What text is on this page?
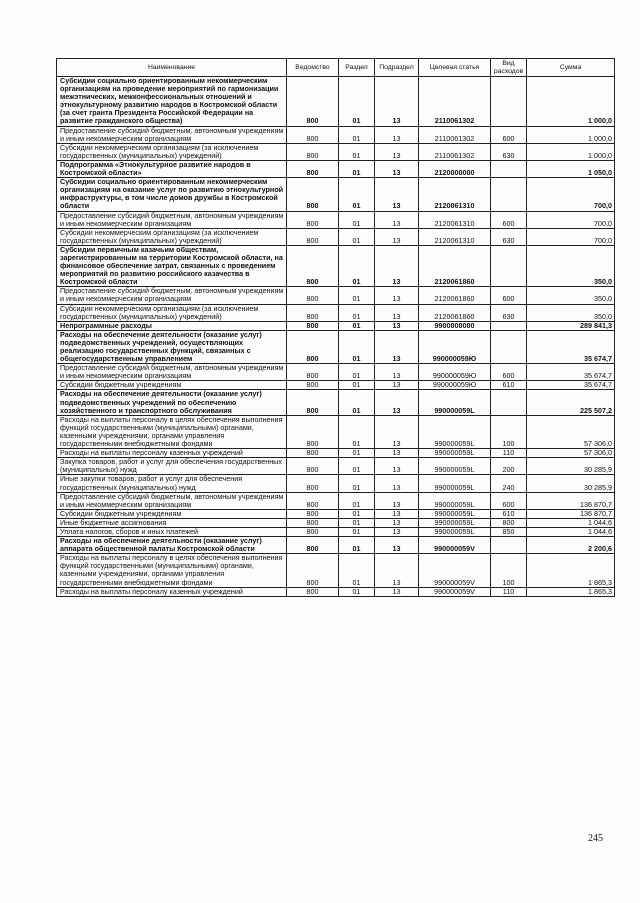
Наименование	Ведомство	Раздел	Подраздел	Целевая статья	Вид расходов	Сумма
Субсидии социально ориентированным некоммерческим организациям на проведение мероприятий по гармонизации межэтнических, межконфессиональных отношений и этнокультурному развитию народов в Костромской области (за счет гранта Президента Российской Федерации на развитие гражданского общества)	800	01	13	2110061302		1 000,0
Предоставление субсидий бюджетным, автономным учреждениям и иным некоммерческим организациям	800	01	13	2110061302	600	1 000,0
Субсидии некоммерческим организациям (за исключением государственных (муниципальных) учреждений)	800	01	13	2110061302	630	1 000,0
Подпрограмма «Этнокультурное развитие народов в Костромской области»	800	01	13	2120000000		1 050,0
Субсидии социально ориентированным некоммерческим организациям на оказание услуг по развитию этнокультурной инфраструктуры, в том числе домов дружбы в Костромской области	800	01	13	2120061310		700,0
Предоставление субсидий бюджетным, автономным учреждениям и иным некоммерческим организациям	800	01	13	2120061310	600	700,0
Субсидии некоммерческим организациям (за исключением государственных (муниципальных) учреждений)	800	01	13	2120061310	630	700,0
Субсидии первичным казачьим обществам, зарегистрированным на территории Костромской области, на финансовое обеспечение затрат, связанных с проведением мероприятий по развитию российского казачества в Костромской области	800	01	13	2120061860		350,0
Предоставление субсидий бюджетным, автономным учреждениям и иным некоммерческим организациям	800	01	13	2120061860	600	350,0
Субсидии некоммерческим организациям (за исключением государственных (муниципальных) учреждений)	800	01	13	2120061860	630	350,0
Непрограммные расходы	800	01	13	9900000000		289 841,3
Расходы на обеспечение деятельности (оказание услуг) подведомственных учреждений, осуществляющих реализацию государственных функций, связанных с общегосударственным управлением	800	01	13	990000059Ю		35 674,7
Предоставление субсидий бюджетным, автономным учреждениям и иным некоммерческим организациям	800	01	13	990000059Ю	600	35 674,7
Субсидии бюджетным учреждениям	800	01	13	990000059Ю	610	35 674,7
Расходы на обеспечение деятельности (оказание услуг) подведомственных учреждений по обеспечению хозяйственного и транспортного обслуживания	800	01	13	990000059L		225 507,2
Расходы на выплаты персоналу в целях обеспечения выполнения функций государственными (муниципальными) органами, казенными учреждениями, органами управления государственными внебюджетными фондами	800	01	13	990000059L	100	57 306,0
Расходы на выплаты персоналу казенных учреждений	800	01	13	990000059L	110	57 306,0
Закупка товаров, работ и услуг для обеспечения государственных (муниципальных) нужд	800	01	13	990000059L	200	30 285,9
Иные закупки товаров, работ и услуг для обеспечения государственных (муниципальных) нужд	800	01	13	990000059L	240	30 285,9
Предоставление субсидий бюджетным, автономным учреждениям и иным некоммерческим организациям	800	01	13	990000059L	600	136 870,7
Субсидии бюджетным учреждениям	800	01	13	990000059L	610	136 870,7
Иные бюджетные ассигнования	800	01	13	990000059L	800	1 044,6
Уплата налогов, сборов и иных платежей	800	01	13	990000059L	850	1 044,6
Расходы на обеспечение деятельности (оказание услуг) аппарата общественной палаты Костромской области	800	01	13	990000059V		2 200,6
Расходы на выплаты персоналу в целях обеспечения выполнения функций государственными (муниципальными) органами, казенными учреждениями, органами управления государственными внебюджетными фондами	800	01	13	990000059V	100	1 865,3
Расходы на выплаты персоналу казенных учреждений	800	01	13	990000059V	110	1 865,3
245
